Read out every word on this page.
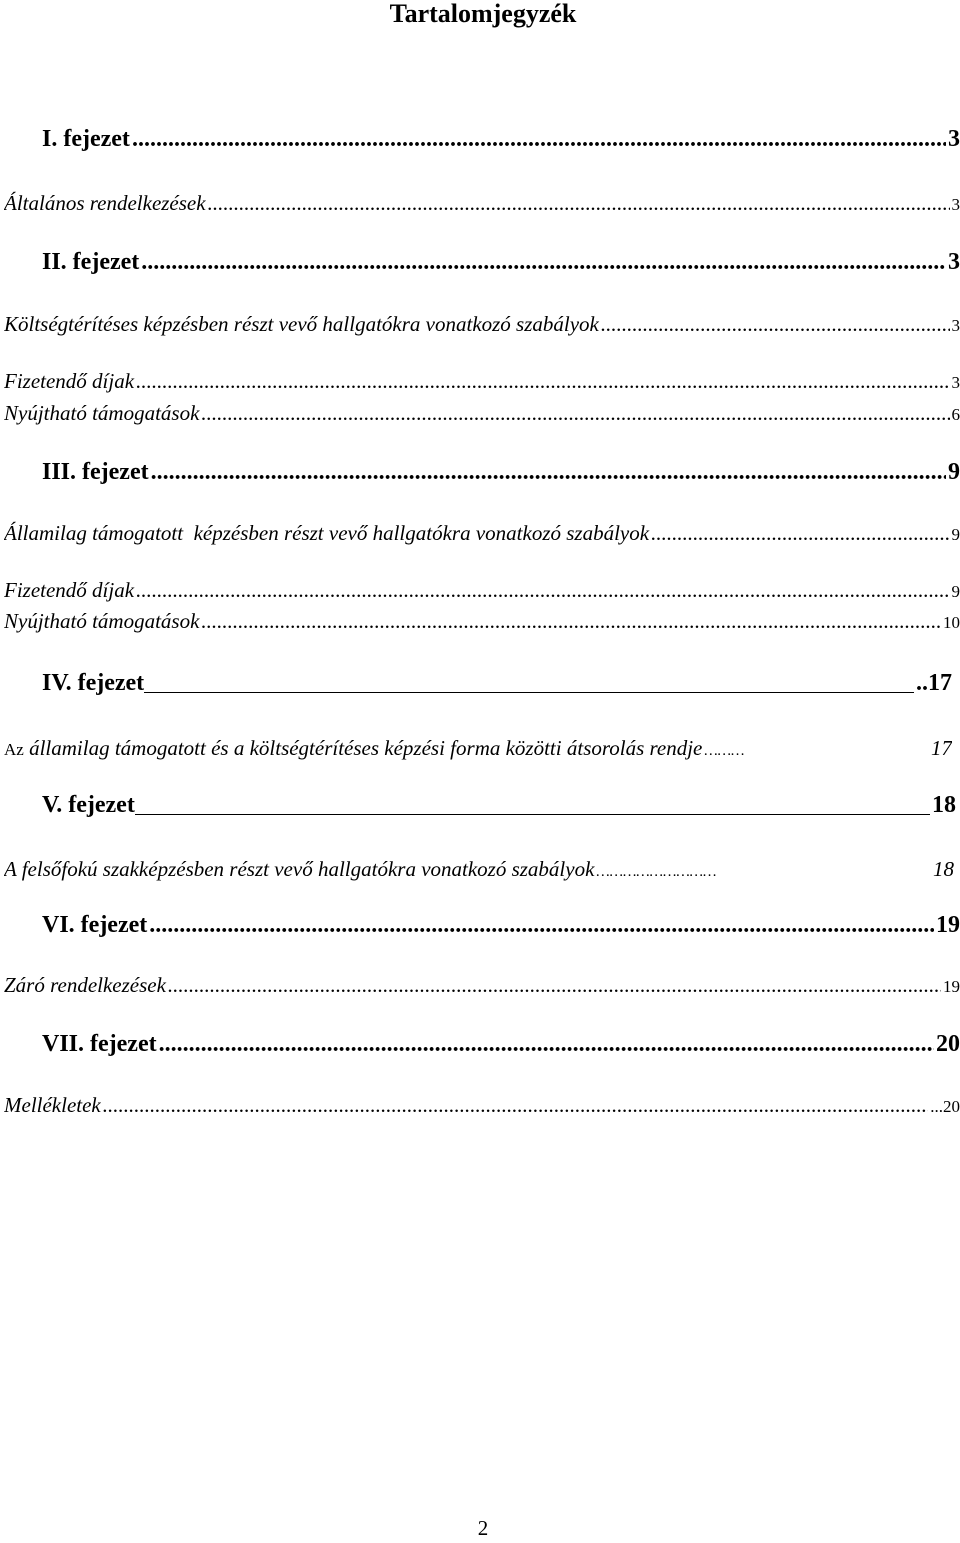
Tartalomjegyzék
I. fejezet .....	3
Általános rendelkezések .....	3
II. fejezet .....	3
Költségtérítéses képzésben részt vevő hallgatókra vonatkozó szabályok .....	3
Fizetendő díjak .....	3
Nyújtható támogatások .....	6
III. fejezet .....	9
Államilag támogatott  képzésben részt vevő hallgatókra vonatkozó szabályok .....	9
Fizetendő díjak .....	9
Nyújtható támogatások .....	10
IV. fejezet	..17
Az államilag támogatott és a költségtérítéses képzési forma közötti átsorolás rendje ………	17
V. fejezet	18
A felsőfokú szakképzésben részt vevő hallgatókra vonatkozó szabályok ………………………	18
VI. fejezet .....	19
Záró rendelkezések .....	19
VII. fejezet .....	20
Mellékletek .....	...20
2
